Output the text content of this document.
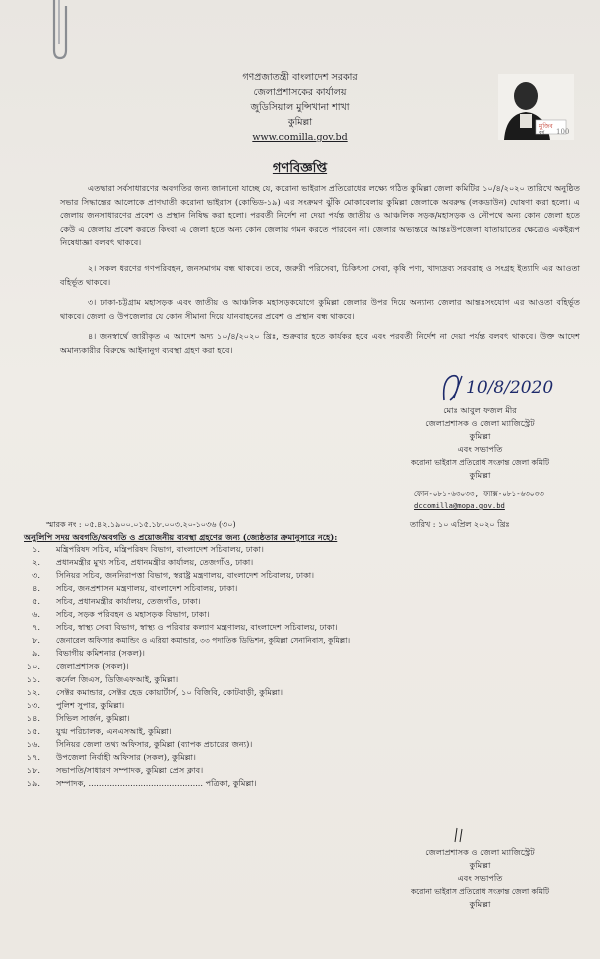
গণপ্রজাতন্ত্রী বাংলাদেশ সরকার
জেলাপ্রশাসকের কার্যালয়
জুডিসিয়াল মুন্সিখানা শাখা
কুমিল্লা
www.comilla.gov.bd
মুজিব
বর্ষ 100
গণবিজ্ঞপ্তি
এতদ্বারা সর্বসাধারণের অবগতির জন্য জানানো যাচ্ছে যে, করোনা ভাইরাস প্রতিরোধের লক্ষ্যে গঠিত কুমিল্লা জেলা কমিটির ১০/৪/২০২০ তারিখে অনুষ্ঠিত সভার সিদ্ধান্তের আলোকে প্রাণঘাতী করোনা ভাইরাস (কোভিড-১৯) এর সংক্রমণ ঝুঁকি মোকাবেলায় কুমিল্লা জেলাকে অবরুদ্ধ (লকডাউন) ঘোষণা করা হলো। এ জেলায় জনসাধারণের প্রবেশ ও প্রস্থান নিষিদ্ধ করা হলো। পরবর্তী নির্দেশ না দেয়া পর্যন্ত জাতীয় ও আঞ্চলিক সড়ক/মহাসড়ক ও নৌপথে অন্য কোন জেলা হতে কেউ এ জেলায় প্রবেশ করতে কিংবা এ জেলা হতে অন্য কোন জেলায় গমন করতে পারবেন না। জেলার অভ্যন্তরে আন্তঃউপজেলা যাতায়াতের ক্ষেত্রেও একইরূপ নিষেধাজ্ঞা বলবৎ থাকবে।
২। সকল ধরণের গণপরিবহন, জনসমাগম বন্ধ থাকবে। তবে, জরুরী পরিসেবা, চিকিৎসা সেবা, কৃষি পণ্য, খাদ্যদ্রব্য সরবরাহ ও সংগ্রহ ইত্যাদি এর আওতা বহির্ভূত থাকবে।
৩। ঢাকা-চট্টগ্রাম মহাসড়ক এবং জাতীয় ও আঞ্চলিক মহাসড়কযোগে কুমিল্লা জেলার উপর দিয়ে অন্যান্য জেলার আন্তঃসংযোগ এর আওতা বহির্ভূত থাকবে। জেলা ও উপজেলার যে কোন সীমানা দিয়ে যানবাহনের প্রবেশ ও প্রস্থান বন্ধ থাকবে।
৪। জনস্বার্থে জারীকৃত এ আদেশ অদ্য ১০/৪/২০২০ খ্রিঃ, শুক্রবার হতে কার্যকর হবে এবং পরবর্তী নির্দেশ না দেয়া পর্যন্ত বলবৎ থাকবে। উক্ত আদেশ অমান্যকারীর বিরুদ্ধে আইনানুগ ব্যবস্থা গ্রহণ করা হবে।
10/8/2020
মোঃ আবুল ফজল মীর
জেলাপ্রশাসক ও জেলা ম্যাজিস্ট্রেট
কুমিল্লা
এবং সভাপতি
করোনা ভাইরাস প্রতিরোধ সংক্রান্ত জেলা কমিটি
কুমিল্লা
ফোন-০৮১-৬৩০৩৩, ফ্যাক্স-০৮১-৬৩০৩৩
dccomilla@mopa.gov.bd
স্মারক নং : ০৫.৪২.১৯০০.০১৫.১৮.০০৩.২০-১০৩৬ (৩০)	তারিখ : ১০ এপ্রিল ২০২০ খ্রিঃ
অনুলিপি সদয় অবগতি/অবগতি ও প্রয়োজনীয় ব্যবস্থা গ্রহণের জন্য (জ্যেষ্ঠতার ক্রমানুসারে নহে):
১. মন্ত্রিপরিষদ সচিব, মন্ত্রিপরিষদ বিভাগ, বাংলাদেশ সচিবালয়, ঢাকা।
২. প্রধানমন্ত্রীর মুখ্য সচিব, প্রধানমন্ত্রীর কার্যালয়, তেজগাঁও, ঢাকা।
৩. সিনিয়র সচিব, জননিরাপত্তা বিভাগ, স্বরাষ্ট্র মন্ত্রণালয়, বাংলাদেশ সচিবালয়, ঢাকা।
৪. সচিব, জনপ্রশাসন মন্ত্রণালয়, বাংলাদেশ সচিবালয়, ঢাকা।
৫. সচিব, প্রধানমন্ত্রীর কার্যালয়, তেজগাঁও, ঢাকা।
৬. সচিব, সড়ক পরিবহন ও মহাসড়ক বিভাগ, ঢাকা।
৭. সচিব, স্বাস্থ্য সেবা বিভাগ, স্বাস্থ্য ও পরিবার কল্যাণ মন্ত্রণালয়, বাংলাদেশ সচিবালয়, ঢাকা।
৮. জেনারেল অফিসার কমান্ডিং ও এরিয়া কমান্ডার, ৩৩ পদাতিক ডিভিশন, কুমিল্লা সেনানিবাস, কুমিল্লা।
৯. বিভাগীয় কমিশনার (সকল)।
১০. জেলাপ্রশাসক (সকল)।
১১. কর্নেল জিএস, ডিজিএফআই, কুমিল্লা।
১২. সেক্টর কমান্ডার, সেক্টর হেড কোয়ার্টার্স, ১০ বিজিবি, কোটবাড়ী, কুমিল্লা।
১৩. পুলিশ সুপার, কুমিল্লা।
১৪. সিভিল সার্জন, কুমিল্লা।
১৫. যুগ্ম পরিচালক, এনএসআই, কুমিল্লা।
১৬. সিনিয়র জেলা তথ্য অফিসার, কুমিল্লা (ব্যাপক প্রচারের জন্য)।
১৭. উপজেলা নির্বাহী অফিসার (সকল), কুমিল্লা।
১৮. সভাপতি/সাধারণ সম্পাদক, কুমিল্লা প্রেস ক্লাব।
১৯. সম্পাদক, ............................................ পত্রিকা, কুমিল্লা।
জেলাপ্রশাসক ও জেলা ম্যাজিস্ট্রেট
কুমিল্লা
এবং সভাপতি
করোনা ভাইরাস প্রতিরোধ সংক্রান্ত জেলা কমিটি
কুমিল্লা
